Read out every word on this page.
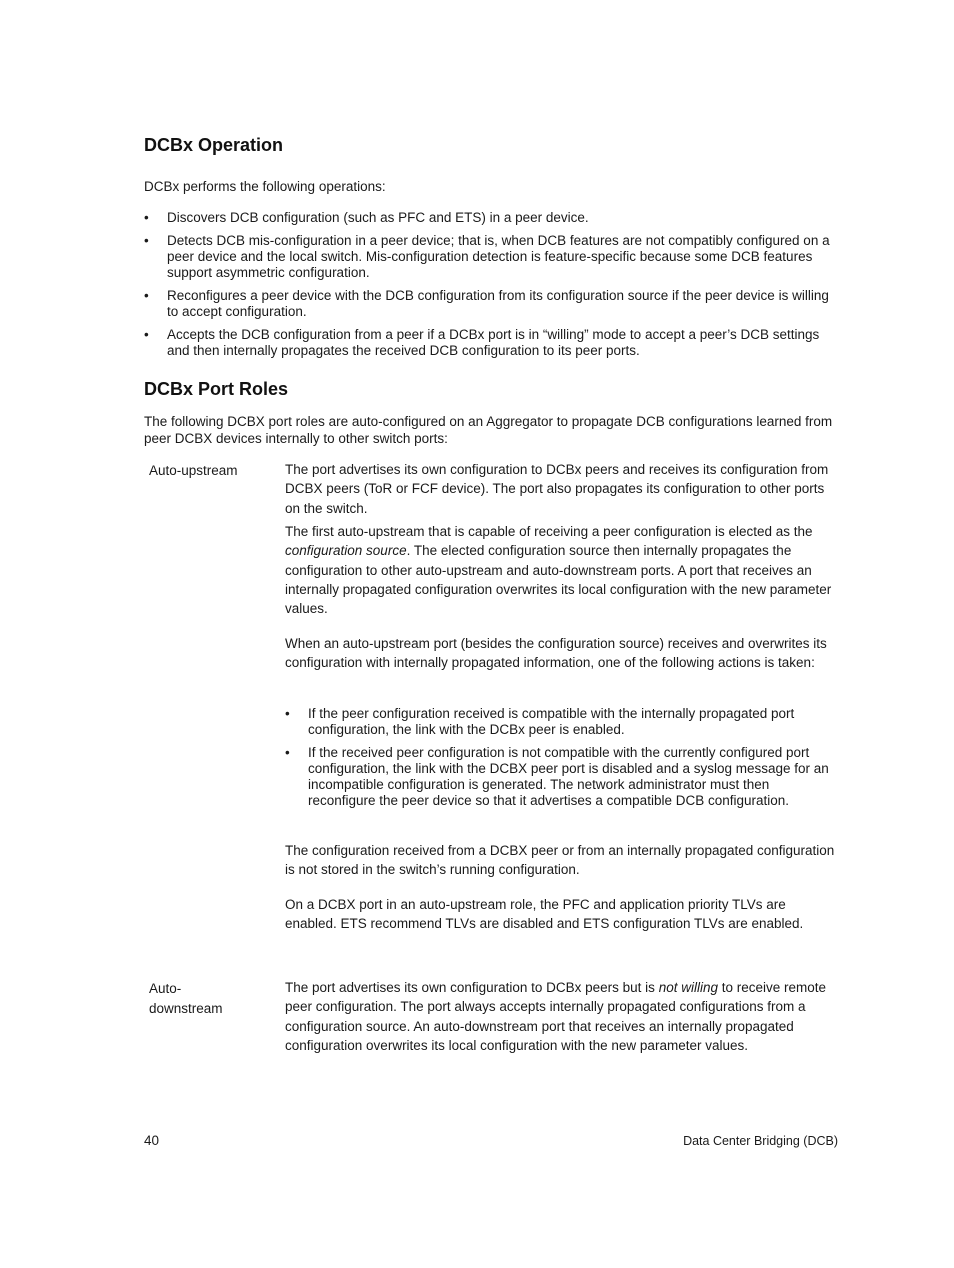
DCBx Operation

DCBx performs the following operations:

• Discovers DCB configuration (such as PFC and ETS) in a peer device.
• Detects DCB mis-configuration in a peer device; that is, when DCB features are not compatibly configured on a peer device and the local switch. Mis-configuration detection is feature-specific because some DCB features support asymmetric configuration.
• Reconfigures a peer device with the DCB configuration from its configuration source if the peer device is willing to accept configuration.
• Accepts the DCB configuration from a peer if a DCBx port is in “willing” mode to accept a peer’s DCB settings and then internally propagates the received DCB configuration to its peer ports.
DCBx Port Roles

The following DCBX port roles are auto-configured on an Aggregator to propagate DCB configurations learned from peer DCBX devices internally to other switch ports:

Auto-upstream	The port advertises its own configuration to DCBx peers and receives its configuration from DCBX peers (ToR or FCF device). The port also propagates its configuration to other ports on the switch.

The first auto-upstream that is capable of receiving a peer configuration is elected as the configuration source. The elected configuration source then internally propagates the configuration to other auto-upstream and auto-downstream ports. A port that receives an internally propagated configuration overwrites its local configuration with the new parameter values.

When an auto-upstream port (besides the configuration source) receives and overwrites its configuration with internally propagated information, one of the following actions is taken:

• If the peer configuration received is compatible with the internally propagated port configuration, the link with the DCBx peer is enabled.
• If the received peer configuration is not compatible with the currently configured port configuration, the link with the DCBX peer port is disabled and a syslog message for an incompatible configuration is generated. The network administrator must then reconfigure the peer device so that it advertises a compatible DCB configuration.

The configuration received from a DCBX peer or from an internally propagated configuration is not stored in the switch’s running configuration.

On a DCBX port in an auto-upstream role, the PFC and application priority TLVs are enabled. ETS recommend TLVs are disabled and ETS configuration TLVs are enabled.

Auto-
downstream

The port advertises its own configuration to DCBx peers but is not willing to receive remote peer configuration. The port always accepts internally propagated configurations from a configuration source. An auto-downstream port that receives an internally propagated configuration overwrites its local configuration with the new parameter values.

40	Data Center Bridging (DCB)
